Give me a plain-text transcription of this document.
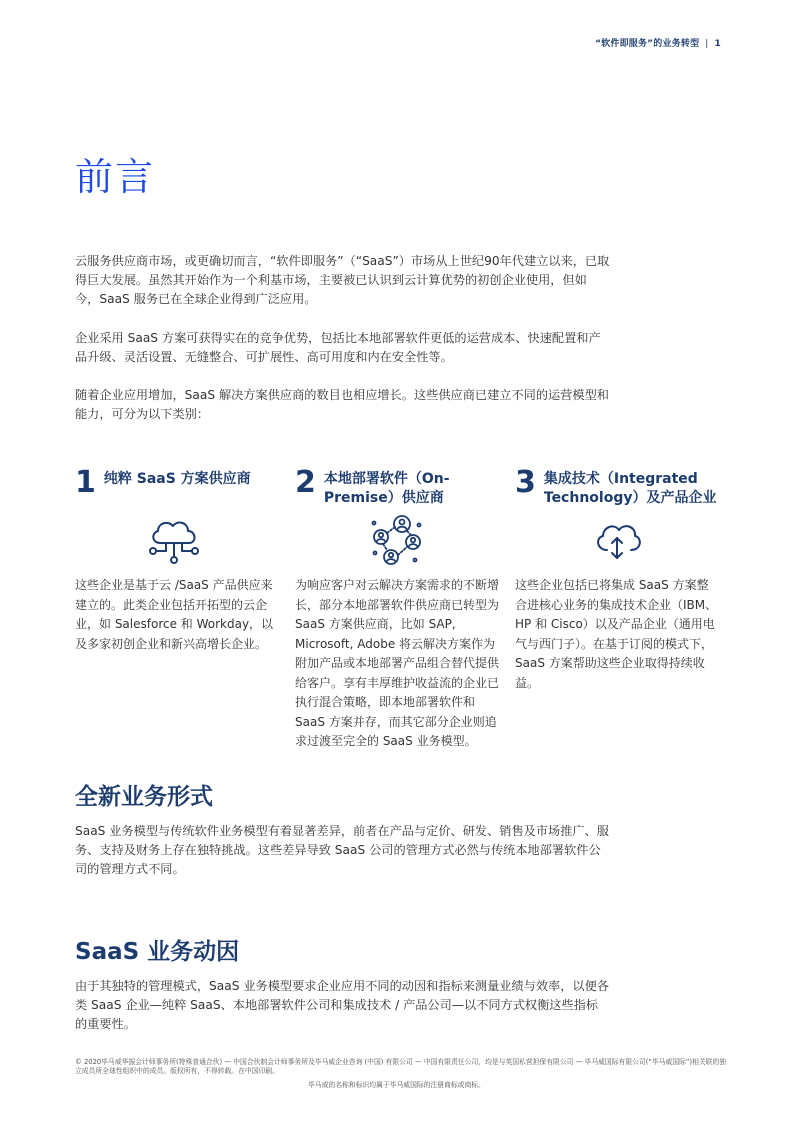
“软件即服务”的业务转型 | 1
前言
云服务供应商市场，或更确切而言，“软件即服务”（“SaaS”）市场从上世纪90年代建立以来，已取得巨大发展。虽然其开始作为一个利基市场，主要被已认识到云计算优势的初创企业使用，但如今，SaaS 服务已在全球企业得到广泛应用。
企业采用 SaaS 方案可获得实在的竞争优势，包括比本地部署软件更低的运营成本、快速配置和产品升级、灵活设置、无缝整合、可扩展性、高可用度和内在安全性等。
随着企业应用增加，SaaS 解决方案供应商的数目也相应增长。这些供应商已建立不同的运营模型和能力，可分为以下类别：
1 纯粹 SaaS 方案供应商
这些企业是基于云 /SaaS 产品供应来建立的。此类企业包括开拓型的云企业，如 Salesforce 和 Workday，以及多家初创企业和新兴高增长企业。
2 本地部署软件（On-Premise）供应商
为响应客户对云解决方案需求的不断增长，部分本地部署软件供应商已转型为 SaaS 方案供应商，比如 SAP, Microsoft, Adobe 将云解决方案作为附加产品或本地部署产品组合替代提供给客户。享有丰厚维护收益流的企业已执行混合策略，即本地部署软件和 SaaS 方案并存，而其它部分企业则追求过渡至完全的 SaaS 业务模型。
3 集成技术（Integrated Technology）及产品企业
这些企业包括已将集成 SaaS 方案整合进核心业务的集成技术企业（IBM、HP 和 Cisco）以及产品企业（通用电气与西门子）。在基于订阅的模式下，SaaS 方案帮助这些企业取得持续收益。
全新业务形式
SaaS 业务模型与传统软件业务模型有着显著差异，前者在产品与定价、研发、销售及市场推广、服务、支持及财务上存在独特挑战。这些差异导致 SaaS 公司的管理方式必然与传统本地部署软件公司的管理方式不同。
SaaS 业务动因
由于其独特的管理模式，SaaS 业务模型要求企业应用不同的动因和指标来测量业绩与效率，以便各类 SaaS 企业—纯粹 SaaS、本地部署软件公司和集成技术 / 产品公司—以不同方式权衡这些指标的重要性。
© 2020毕马威华振会计师事务所(特殊普通合伙) — 中国合伙制会计师事务所及毕马威企业咨询 (中国) 有限公司 — 中国有限责任公司，均是与英国私营担保有限公司 — 毕马威国际有限公司(“毕马威国际”)相关联的独立成员所全球性组织中的成员。版权所有，不得转载。在中国印刷。
毕马威的名称和标识均属于毕马威国际的注册商标或商标。
